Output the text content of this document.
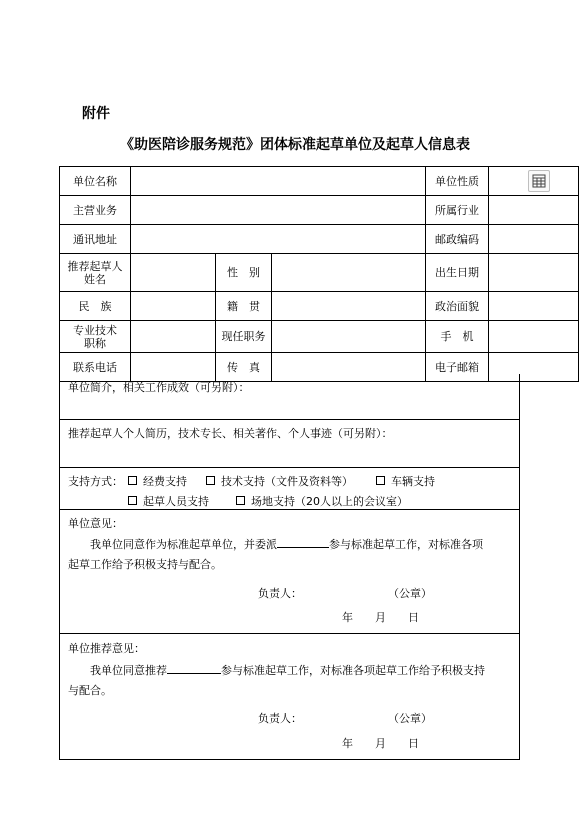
附件
《助医陪诊服务规范》团体标准起草单位及起草人信息表
单位名称				单位性质	
主营业务				所属行业	
通讯地址				邮政编码	
推荐起草人姓名		性　别		出生日期	
民　族		籍　贯		政治面貌	
专业技术职称		现任职务		手　机	
联系电话		传　真		电子邮箱	
单位简介，相关工作成效（可另附）：
推荐起草人个人简历，技术专长、相关著作、个人事迹（可另附）：
支持方式：	经费支持	技术支持（文件及资料等）	车辆支持
起草人员支持	场地支持（20人以上的会议室）
单位意见：
我单位同意作为标准起草单位，并委派	参与标准起草工作，对标准各项
起草工作给予积极支持与配合。
负责人：	（公章）
年　　月　　日
单位推荐意见：
我单位同意推荐	参与标准起草工作，对标准各项起草工作给予积极支持
与配合。
负责人：	（公章）
年　　月　　日
